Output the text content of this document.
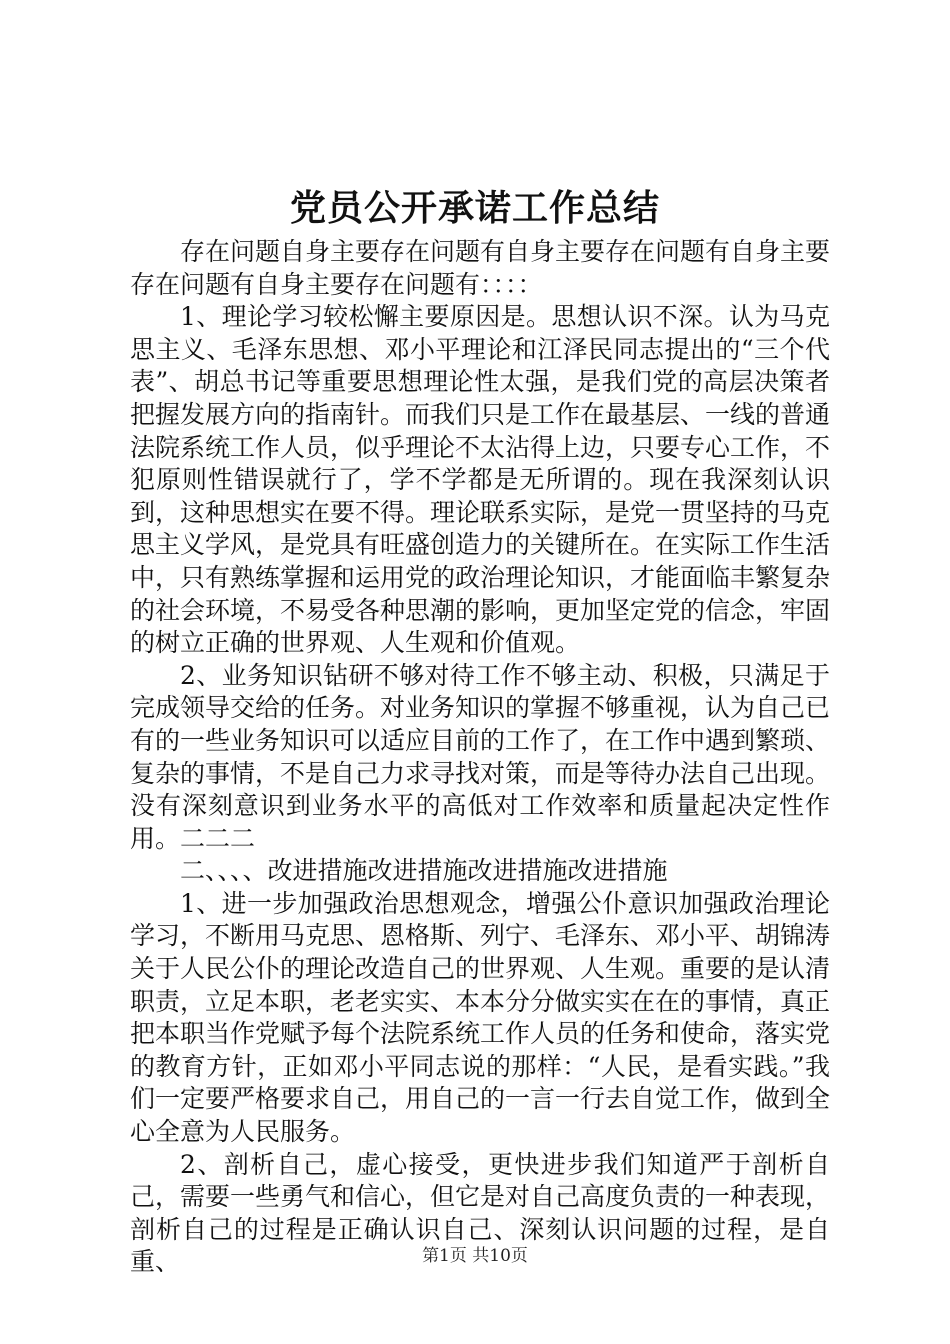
党员公开承诺工作总结

存在问题自身主要存在问题有自身主要存在问题有自身主要存在问题有自身主要存在问题有：：：：

1、理论学习较松懈主要原因是。思想认识不深。认为马克思主义、毛泽东思想、邓小平理论和江泽民同志提出的“三个代表”、胡总书记等重要思想理论性太强，是我们党的高层决策者把握发展方向的指南针。而我们只是工作在最基层、一线的普通法院系统工作人员，似乎理论不太沾得上边，只要专心工作，不犯原则性错误就行了，学不学都是无所谓的。现在我深刻认识到，这种思想实在要不得。理论联系实际，是党一贯坚持的马克思主义学风，是党具有旺盛创造力的关键所在。在实际工作生活中，只有熟练掌握和运用党的政治理论知识，才能面临丰繁复杂的社会环境，不易受各种思潮的影响，更加坚定党的信念，牢固的树立正确的世界观、人生观和价值观。

2、业务知识钻研不够对待工作不够主动、积极，只满足于完成领导交给的任务。对业务知识的掌握不够重视，认为自己已有的一些业务知识可以适应目前的工作了，在工作中遇到繁琐、复杂的事情，不是自己力求寻找对策，而是等待办法自己出现。没有深刻意识到业务水平的高低对工作效率和质量起决定性作用。二二二

二、、、、改进措施改进措施改进措施改进措施

1、进一步加强政治思想观念，增强公仆意识加强政治理论学习，不断用马克思、恩格斯、列宁、毛泽东、邓小平、胡锦涛关于人民公仆的理论改造自己的世界观、人生观。重要的是认清职责，立足本职，老老实实、本本分分做实实在在的事情，真正把本职当作党赋予每个法院系统工作人员的任务和使命，落实党的教育方针，正如邓小平同志说的那样：“人民，是看实践。”我们一定要严格要求自己，用自己的一言一行去自觉工作，做到全心全意为人民服务。

2、剖析自己，虚心接受，更快进步我们知道严于剖析自己，需要一些勇气和信心，但它是对自己高度负责的一种表现，剖析自己的过程是正确认识自己、深刻认识问题的过程，是自重、	第1页 共10页
